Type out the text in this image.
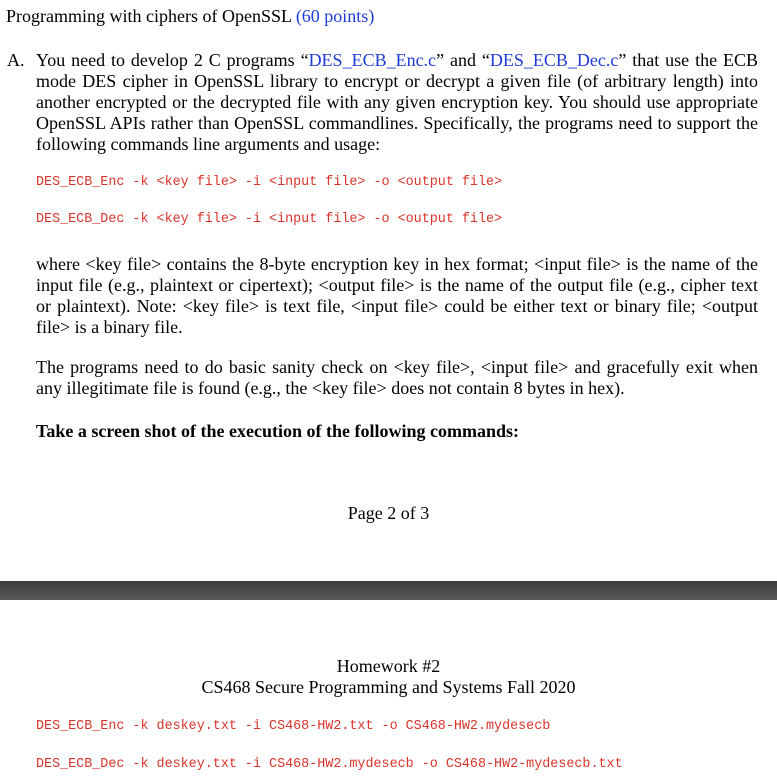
Programming with ciphers of OpenSSL (60 points)
A. You need to develop 2 C programs “DES_ECB_Enc.c” and “DES_ECB_Dec.c” that use the ECB mode DES cipher in OpenSSL library to encrypt or decrypt a given file (of arbitrary length) into another encrypted or the decrypted file with any given encryption key. You should use appropriate OpenSSL APIs rather than OpenSSL commandlines. Specifically, the programs need to support the following commands line arguments and usage:
DES_ECB_Enc -k <key file> -i <input file> -o <output file>
DES_ECB_Dec -k <key file> -i <input file> -o <output file>
where <key file> contains the 8-byte encryption key in hex format; <input file> is the name of the input file (e.g., plaintext or cipertext); <output file> is the name of the output file (e.g., cipher text or plaintext). Note: <key file> is text file, <input file> could be either text or binary file; <output file> is a binary file.
The programs need to do basic sanity check on <key file>, <input file> and gracefully exit when any illegitimate file is found (e.g., the <key file> does not contain 8 bytes in hex).
Take a screen shot of the execution of the following commands:
Page 2 of 3
Homework #2
CS468 Secure Programming and Systems Fall 2020
DES_ECB_Enc -k deskey.txt -i CS468-HW2.txt -o CS468-HW2.mydesecb
DES_ECB_Dec -k deskey.txt -i CS468-HW2.mydesecb -o CS468-HW2-mydesecb.txt
